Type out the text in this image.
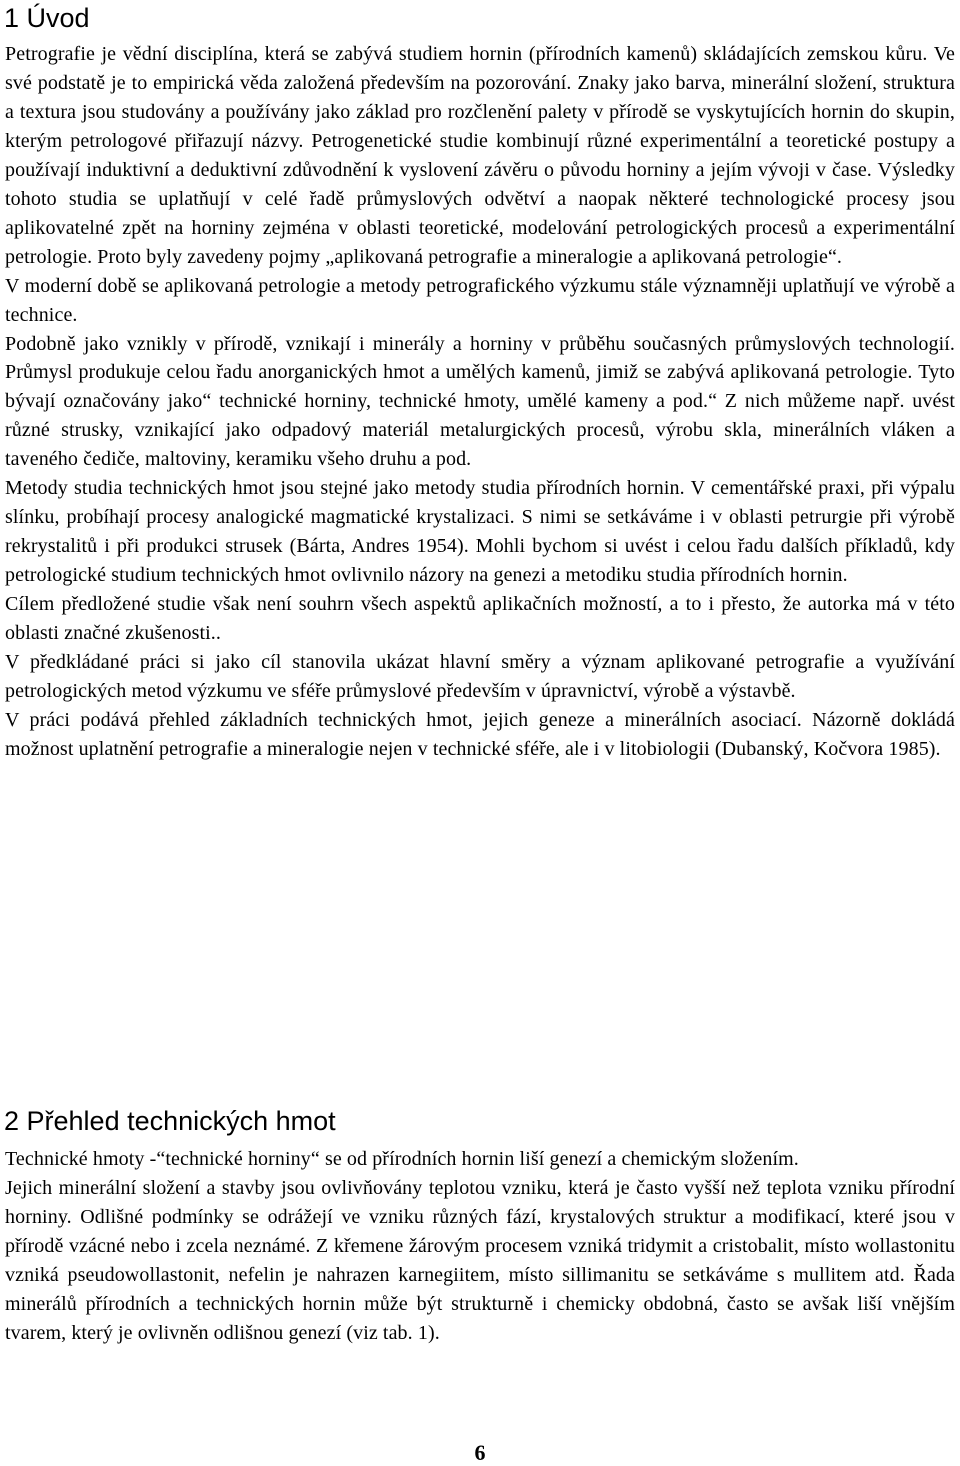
1 Úvod

Petrografie je vědní disciplína, která se zabývá studiem hornin (přírodních kamenů) skládajících zemskou kůru. Ve své podstatě je to empirická věda založená především na pozorování. Znaky jako barva, minerální složení, struktura a textura jsou studovány a používány jako základ pro rozčlenění palety v přírodě se vyskytujících hornin do skupin, kterým petrologové přiřazují názvy. Petrogenetické studie kombinují různé experimentální a teoretické postupy a používají induktivní a deduktivní zdůvodnění k vyslovení závěru o původu horniny a jejím vývoji v čase. Výsledky tohoto studia se uplatňují v celé řadě průmyslových odvětví a naopak některé technologické procesy jsou aplikovatelné zpět na horniny zejména v oblasti teoretické, modelování petrologických procesů a experimentální petrologie. Proto byly zavedeny pojmy „aplikovaná petrografie a mineralogie a aplikovaná petrologie“.

V moderní době se aplikovaná petrologie a metody petrografického výzkumu stále významněji uplatňují ve výrobě a technice.

Podobně jako vznikly v přírodě, vznikají i minerály a horniny v průběhu současných průmyslových technologií. Průmysl produkuje celou řadu anorganických hmot a umělých kamenů, jimiž se zabývá aplikovaná petrologie. Tyto bývají označovány jako“ technické horniny, technické hmoty, umělé kameny a pod.“ Z nich můžeme např. uvést různé strusky, vznikající jako odpadový materiál metalurgických procesů, výrobu skla, minerálních vláken a taveného čediče, maltoviny, keramiku všeho druhu a pod.

Metody studia technických hmot jsou stejné jako metody studia přírodních hornin. V cementářské praxi, při výpalu slínku, probíhají procesy analogické magmatické krystalizaci. S nimi se setkáváme i v oblasti petrurgie při výrobě rekrystalitů i při produkci strusek (Bárta, Andres 1954). Mohli bychom si uvést i celou řadu dalších příkladů, kdy petrologické studium technických hmot ovlivnilo názory na genezi a metodiku studia přírodních hornin.

Cílem předložené studie však není souhrn všech aspektů aplikačních možností, a to i přesto, že autorka má v této oblasti značné zkušenosti..

V předkládané práci si jako cíl stanovila ukázat hlavní směry a význam aplikované petrografie a využívání petrologických metod výzkumu ve sféře průmyslové především v úpravnictví, výrobě a výstavbě.

V práci podává přehled základních technických hmot, jejich geneze a minerálních asociací. Názorně dokládá možnost uplatnění petrografie a mineralogie nejen v technické sféře, ale i v litobiologii (Dubanský, Kočvora 1985).

2 Přehled technických hmot

Technické hmoty -“technické horniny“ se od přírodních hornin liší genezí a chemickým složením.

Jejich minerální složení a stavby jsou ovlivňovány teplotou vzniku, která je často vyšší než teplota vzniku přírodní horniny. Odlišné podmínky se odrážejí ve vzniku různých fází, krystalových struktur a modifikací, které jsou v přírodě vzácné nebo i zcela neznámé. Z křemene žárovým procesem vzniká tridymit a cristobalit, místo wollastonitu vzniká pseudowollastonit, nefelin je nahrazen karnegiitem, místo sillimanitu se setkáváme s mullitem atd. Řada minerálů přírodních a technických hornin může být strukturně i chemicky obdobná, často se avšak liší vnějším tvarem, který je ovlivněn odlišnou genezí (viz tab. 1).

6
